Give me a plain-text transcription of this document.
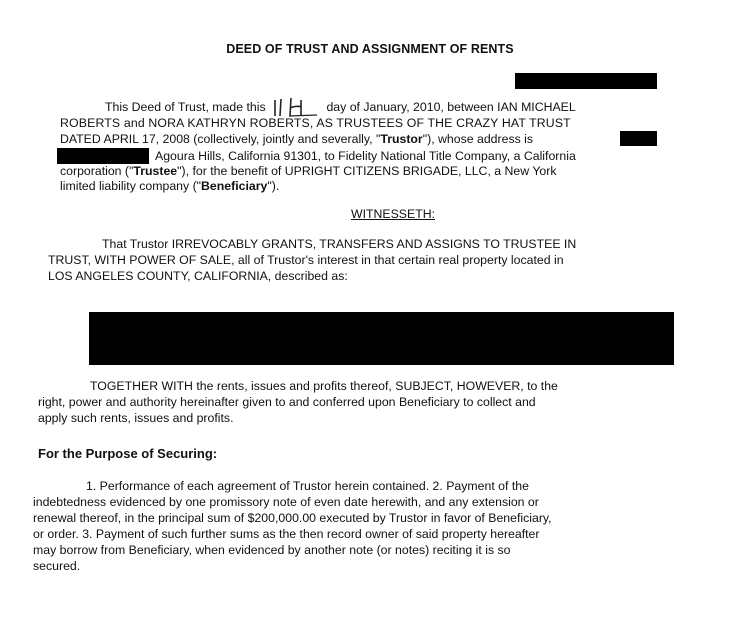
DEED OF TRUST AND ASSIGNMENT OF RENTS
This Deed of Trust, made this	day of January, 2010, between IAN MICHAEL
ROBERTS and NORA KATHRYN ROBERTS, AS TRUSTEES OF THE CRAZY HAT TRUST
DATED APRIL 17, 2008 (collectively, jointly and severally, "Trustor"), whose address is
Agoura Hills, California 91301, to Fidelity National Title Company, a California
corporation ("Trustee"), for the benefit of UPRIGHT CITIZENS BRIGADE, LLC, a New York
limited liability company ("Beneficiary").
WITNESSETH:
That Trustor IRREVOCABLY GRANTS, TRANSFERS AND ASSIGNS TO TRUSTEE IN
TRUST, WITH POWER OF SALE, all of Trustor's interest in that certain real property located in
LOS ANGELES COUNTY, CALIFORNIA, described as:
TOGETHER WITH the rents, issues and profits thereof, SUBJECT, HOWEVER, to the
right, power and authority hereinafter given to and conferred upon Beneficiary to collect and
apply such rents, issues and profits.
For the Purpose of Securing:
1. Performance of each agreement of Trustor herein contained. 2. Payment of the
indebtedness evidenced by one promissory note of even date herewith, and any extension or
renewal thereof, in the principal sum of $200,000.00 executed by Trustor in favor of Beneficiary,
or order. 3. Payment of such further sums as the then record owner of said property hereafter
may borrow from Beneficiary, when evidenced by another note (or notes) reciting it is so
secured.
